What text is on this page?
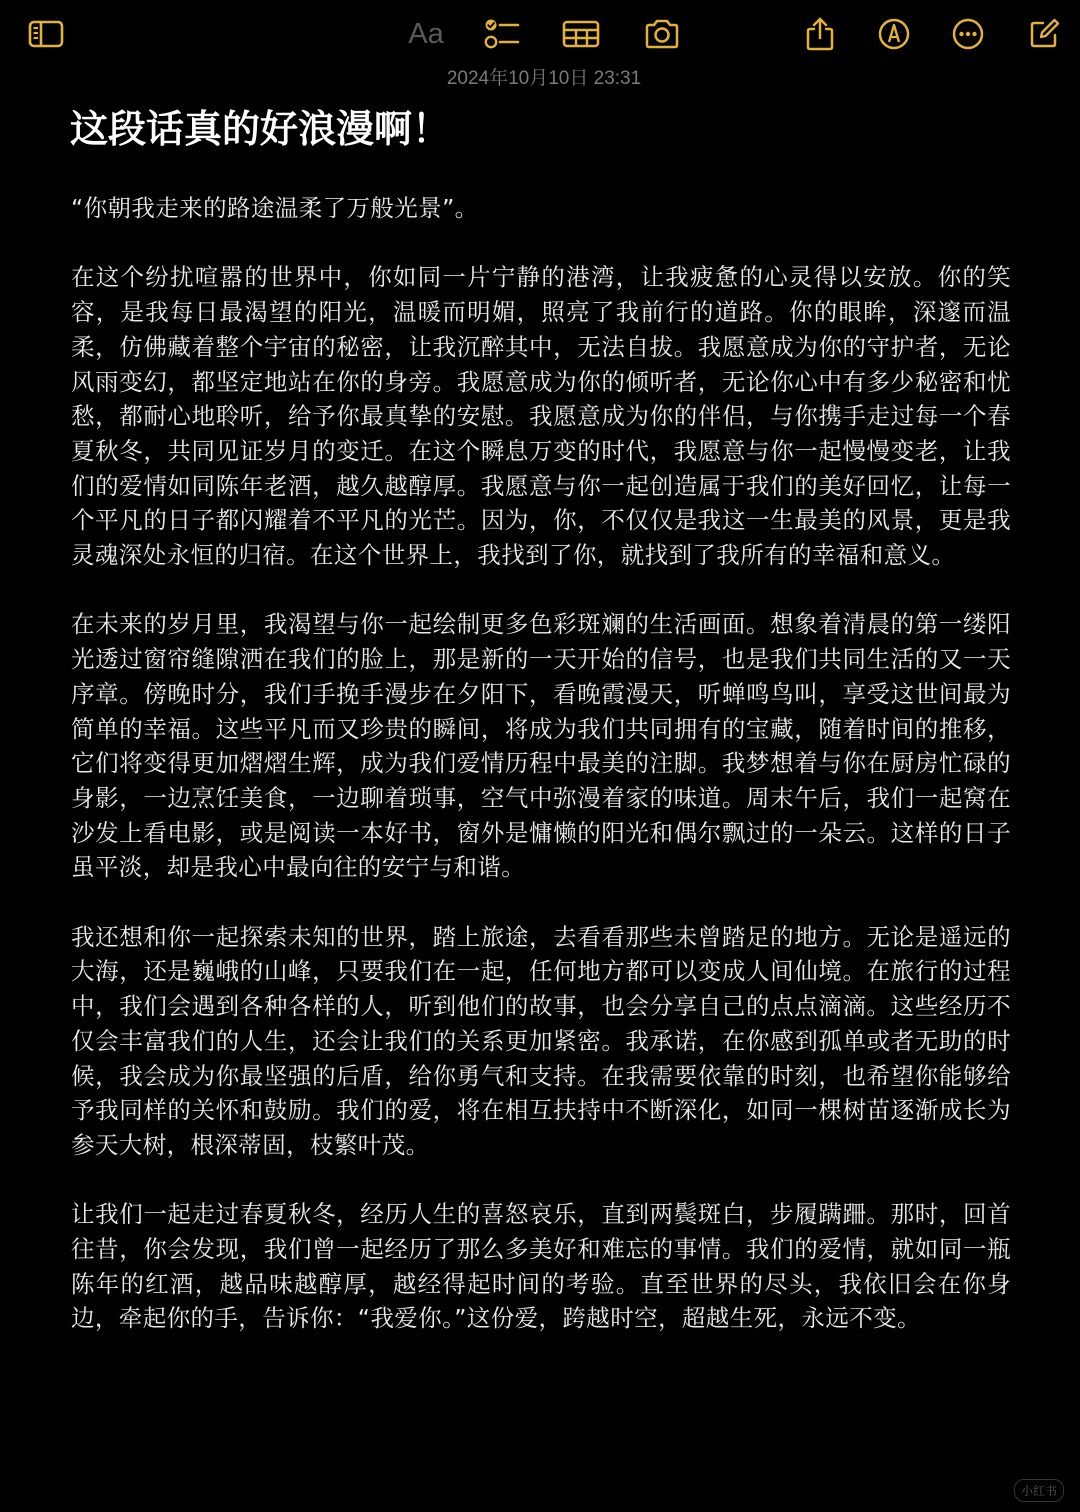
Aa
2024年10月10日 23:31
这段话真的好浪漫啊！

“你朝我走来的路途温柔了万般光景”。

在这个纷扰喧嚣的世界中，你如同一片宁静的港湾，让我疲惫的心灵得以安放。你的笑容，是我每日最渴望的阳光，温暖而明媚，照亮了我前行的道路。你的眼眸，深邃而温柔，仿佛藏着整个宇宙的秘密，让我沉醉其中，无法自拔。我愿意成为你的守护者，无论风雨变幻，都坚定地站在你的身旁。我愿意成为你的倾听者，无论你心中有多少秘密和忧愁，都耐心地聆听，给予你最真挚的安慰。我愿意成为你的伴侣，与你携手走过每一个春夏秋冬，共同见证岁月的变迁。在这个瞬息万变的时代，我愿意与你一起慢慢变老，让我们的爱情如同陈年老酒，越久越醇厚。我愿意与你一起创造属于我们的美好回忆，让每一个平凡的日子都闪耀着不平凡的光芒。因为，你，不仅仅是我这一生最美的风景，更是我灵魂深处永恒的归宿。在这个世界上，我找到了你，就找到了我所有的幸福和意义。

在未来的岁月里，我渴望与你一起绘制更多色彩斑斓的生活画面。想象着清晨的第一缕阳光透过窗帘缝隙洒在我们的脸上，那是新的一天开始的信号，也是我们共同生活的又一天序章。傍晚时分，我们手挽手漫步在夕阳下，看晚霞漫天，听蝉鸣鸟叫，享受这世间最为简单的幸福。这些平凡而又珍贵的瞬间，将成为我们共同拥有的宝藏，随着时间的推移，它们将变得更加熠熠生辉，成为我们爱情历程中最美的注脚。我梦想着与你在厨房忙碌的身影，一边烹饪美食，一边聊着琐事，空气中弥漫着家的味道。周末午后，我们一起窝在沙发上看电影，或是阅读一本好书，窗外是慵懒的阳光和偶尔飘过的一朵云。这样的日子虽平淡，却是我心中最向往的安宁与和谐。

我还想和你一起探索未知的世界，踏上旅途，去看看那些未曾踏足的地方。无论是遥远的大海，还是巍峨的山峰，只要我们在一起，任何地方都可以变成人间仙境。在旅行的过程中，我们会遇到各种各样的人，听到他们的故事，也会分享自己的点点滴滴。这些经历不仅会丰富我们的人生，还会让我们的关系更加紧密。我承诺，在你感到孤单或者无助的时候，我会成为你最坚强的后盾，给你勇气和支持。在我需要依靠的时刻，也希望你能够给予我同样的关怀和鼓励。我们的爱，将在相互扶持中不断深化，如同一棵树苗逐渐成长为参天大树，根深蒂固，枝繁叶茂。

让我们一起走过春夏秋冬，经历人生的喜怒哀乐，直到两鬓斑白，步履蹒跚。那时，回首往昔，你会发现，我们曾一起经历了那么多美好和难忘的事情。我们的爱情，就如同一瓶陈年的红酒，越品味越醇厚，越经得起时间的考验。直至世界的尽头，我依旧会在你身边，牵起你的手，告诉你：“我爱你。”这份爱，跨越时空，超越生死，永远不变。

小红书
